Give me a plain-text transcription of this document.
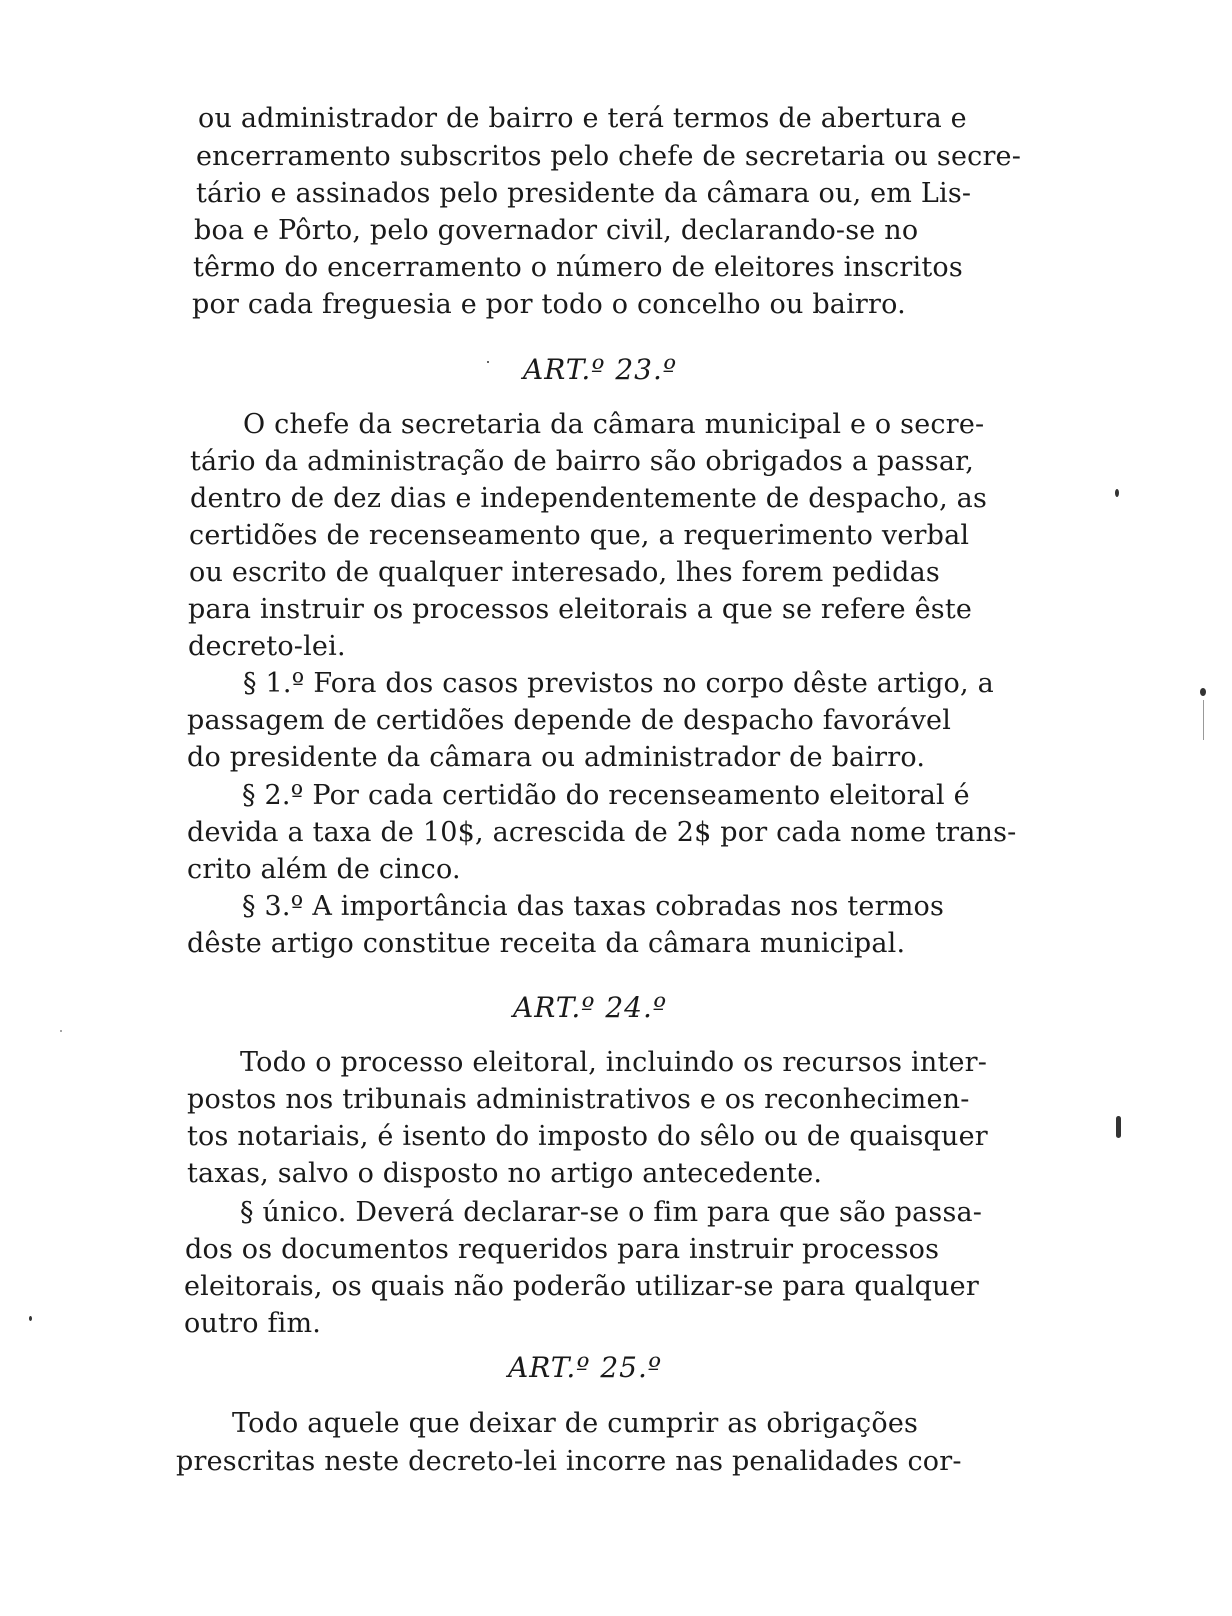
ou administrador de bairro e terá termos de abertura e
encerramento subscritos pelo chefe de secretaria ou secre-
tário e assinados pelo presidente da câmara ou, em Lis-
boa e Pôrto, pelo governador civil, declarando-se no
têrmo do encerramento o número de eleitores inscritos
por cada freguesia e por todo o concelho ou bairro.
ART.º 23.º
O chefe da secretaria da câmara municipal e o secre-
tário da administração de bairro são obrigados a passar,
dentro de dez dias e independentemente de despacho, as
certidões de recenseamento que, a requerimento verbal
ou escrito de qualquer interesado, lhes forem pedidas
para instruir os processos eleitorais a que se refere êste
decreto-lei.
§ 1.º Fora dos casos previstos no corpo dêste artigo, a
passagem de certidões depende de despacho favorável
do presidente da câmara ou administrador de bairro.
§ 2.º Por cada certidão do recenseamento eleitoral é
devida a taxa de 10$, acrescida de 2$ por cada nome trans-
crito além de cinco.
§ 3.º A importância das taxas cobradas nos termos
dêste artigo constitue receita da câmara municipal.
ART.º 24.º
Todo o processo eleitoral, incluindo os recursos inter-
postos nos tribunais administrativos e os reconhecimen-
tos notariais, é isento do imposto do sêlo ou de quaisquer
taxas, salvo o disposto no artigo antecedente.
§ único. Deverá declarar-se o fim para que são passa-
dos os documentos requeridos para instruir processos
eleitorais, os quais não poderão utilizar-se para qualquer
outro fim.
ART.º 25.º
Todo aquele que deixar de cumprir as obrigações
prescritas neste decreto-lei incorre nas penalidades cor-
